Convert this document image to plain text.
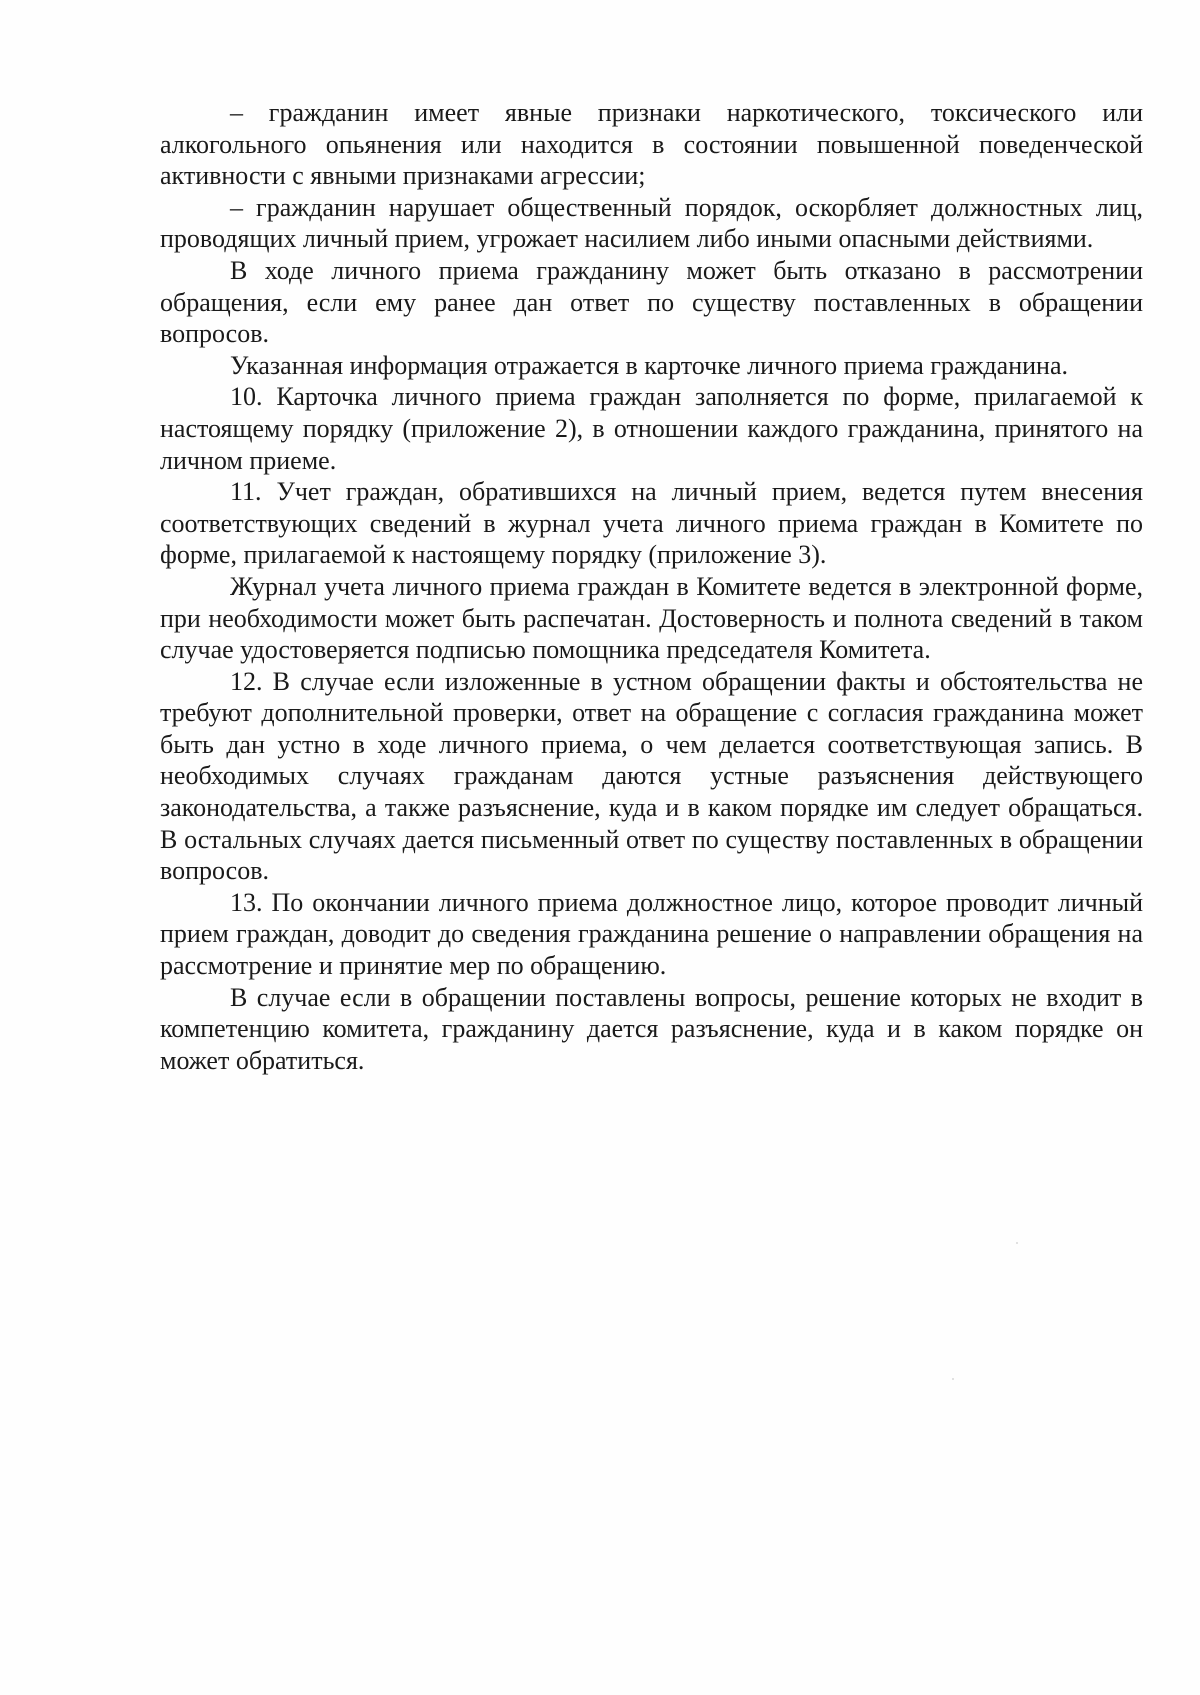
– гражданин имеет явные признаки наркотического, токсического или алкогольного опьянения или находится в состоянии повышенной поведенческой активности с явными признаками агрессии;

– гражданин нарушает общественный порядок, оскорбляет должностных лиц, проводящих личный прием, угрожает насилием либо иными опасными действиями.

В ходе личного приема гражданину может быть отказано в рассмотрении обращения, если ему ранее дан ответ по существу поставленных в обращении вопросов.

Указанная информация отражается в карточке личного приема гражданина.

10. Карточка личного приема граждан заполняется по форме, прилагаемой к настоящему порядку (приложение 2), в отношении каждого гражданина, принятого на личном приеме.

11. Учет граждан, обратившихся на личный прием, ведется путем внесения соответствующих сведений в журнал учета личного приема граждан в Комитете по форме, прилагаемой к настоящему порядку (приложение 3).

Журнал учета личного приема граждан в Комитете ведется в электронной форме, при необходимости может быть распечатан. Достоверность и полнота сведений в таком случае удостоверяется подписью помощника председателя Комитета.

12. В случае если изложенные в устном обращении факты и обстоятельства не требуют дополнительной проверки, ответ на обращение с согласия гражданина может быть дан устно в ходе личного приема, о чем делается соответствующая запись. В необходимых случаях гражданам даются устные разъяснения действующего законодательства, а также разъяснение, куда и в каком порядке им следует обращаться. В остальных случаях дается письменный ответ по существу поставленных в обращении вопросов.

13. По окончании личного приема должностное лицо, которое проводит личный прием граждан, доводит до сведения гражданина решение о направлении обращения на рассмотрение и принятие мер по обращению.

В случае если в обращении поставлены вопросы, решение которых не входит в компетенцию комитета, гражданину дается разъяснение, куда и в каком порядке он может обратиться.
